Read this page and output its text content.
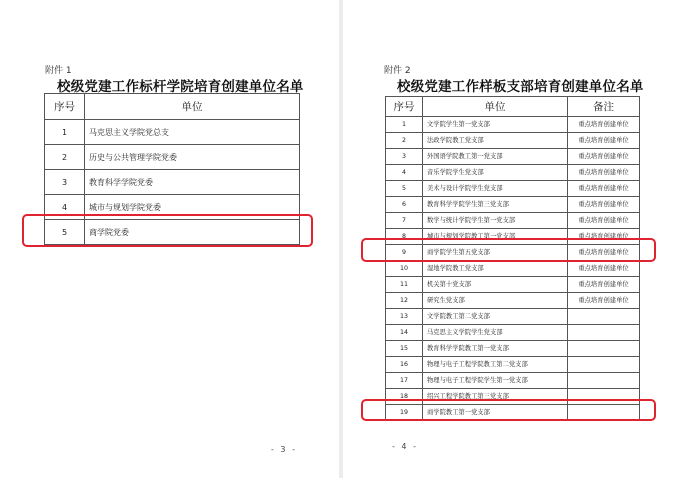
附件 1
校级党建工作标杆学院培育创建单位名单
序号	单位
1	马克思主义学院党总支
2	历史与公共管理学院党委
3	教育科学学院党委
4	城市与规划学院党委
5	商学院党委
- 3 -
附件 2
校级党建工作样板支部培育创建单位名单
序号	单位	备注
1	文学院学生第一党支部	重点培育创建单位
2	法政学院教工党支部	重点培育创建单位
3	外国语学院教工第一党支部	重点培育创建单位
4	音乐学院学生党支部	重点培育创建单位
5	美术与设计学院学生党支部	重点培育创建单位
6	教育科学学院学生第三党支部	重点培育创建单位
7	数学与统计学院学生第一党支部	重点培育创建单位
8	城市与规划学院教工第一党支部	重点培育创建单位
9	商学院学生第五党支部	重点培育创建单位
10	湿地学院教工党支部	重点培育创建单位
11	机关第十党支部	重点培育创建单位
12	研究生党支部	重点培育创建单位
13	文学院教工第二党支部	
14	马克思主义学院学生党支部	
15	教育科学学院教工第一党支部	
16	物理与电子工程学院教工第二党支部	
17	物理与电子工程学院学生第一党支部	
18	绍兴工程学院教工第三党支部	
19	商学院教工第一党支部	
- 4 -
